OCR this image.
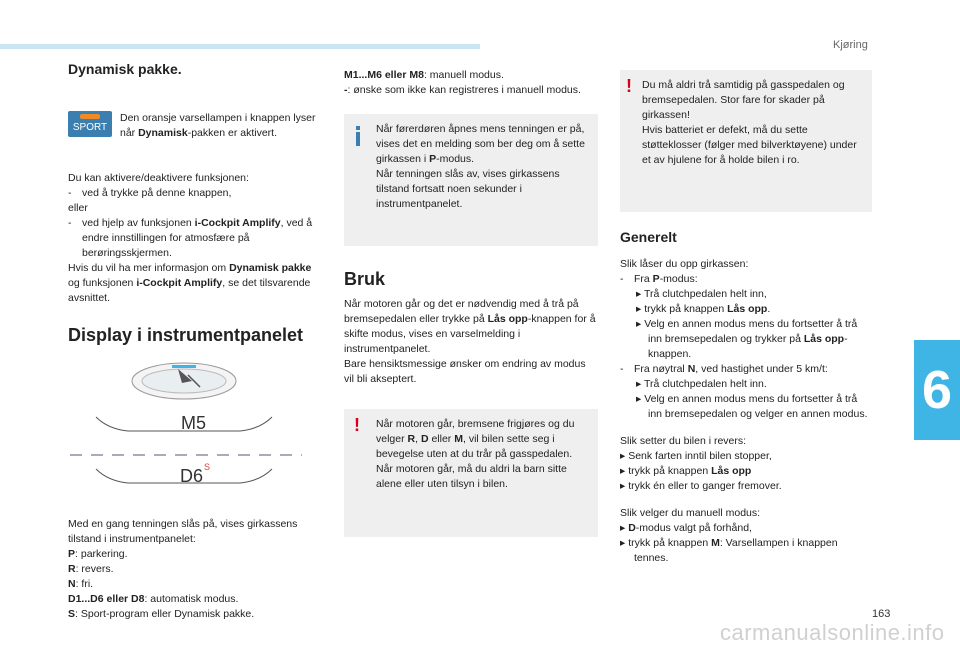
Kjøring
6
163
carmanualsonline.info
Dynamisk pakke.
SPORT

Den oransje varsellampen i knappen lyser når Dynamisk-pakken er aktivert.

Du kan aktivere/deaktivere funksjonen:

- ved å trykke på denne knappen,

eller

- ved hjelp av funksjonen i-Cockpit Amplify, ved å endre innstillingen for atmosfære på berøringsskjermen.

Hvis du vil ha mer informasjon om Dynamisk pakke og funksjonen i-Cockpit Amplify, se det tilsvarende avsnittet.

Display i instrumentpanelet
M5
D6 S

Med en gang tenningen slås på, vises girkassens tilstand i instrumentpanelet:

P: parkering.

R: revers.

N: fri.

D1...D6 eller D8: automatisk modus.

S: Sport-program eller Dynamisk pakke.

M1...M6 eller M8: manuell modus.

-: ønske som ikke kan registreres i manuell modus.

Når førerdøren åpnes mens tenningen er på, vises det en melding som ber deg om å sette girkassen i P-modus.

Når tenningen slås av, vises girkassens tilstand fortsatt noen sekunder i instrumentpanelet.

Bruk

Når motoren går og det er nødvendig med å trå på bremsepedalen eller trykke på Lås opp-knappen for å skifte modus, vises en varselmelding i instrumentpanelet.

Bare hensiktsmessige ønsker om endring av modus vil bli akseptert.

! Når motoren går, bremsene frigjøres og du velger R, D eller M, vil bilen sette seg i bevegelse uten at du trår på gasspedalen.

Når motoren går, må du aldri la barn sitte alene eller uten tilsyn i bilen.

! Du må aldri trå samtidig på gasspedalen og bremsepedalen. Stor fare for skader på girkassen!

Hvis batteriet er defekt, må du sette støtteklosser (følger med bilverktøyene) under et av hjulene for å holde bilen i ro.

Generelt

Slik låser du opp girkassen:

- Fra P-modus:

▸ Trå clutchpedalen helt inn,

▸ trykk på knappen Lås opp.

▸ Velg en annen modus mens du fortsetter å trå inn bremsepedalen og trykker på Lås opp-knappen.

- Fra nøytral N, ved hastighet under 5 km/t:

▸ Trå clutchpedalen helt inn.

▸ Velg en annen modus mens du fortsetter å trå inn bremsepedalen og velger en annen modus.

Slik setter du bilen i revers:

▸ Senk farten inntil bilen stopper,

▸ trykk på knappen Lås opp

▸ trykk én eller to ganger fremover.

Slik velger du manuell modus:

▸ D-modus valgt på forhånd,

▸ trykk på knappen M: Varsellampen i knappen tennes.
